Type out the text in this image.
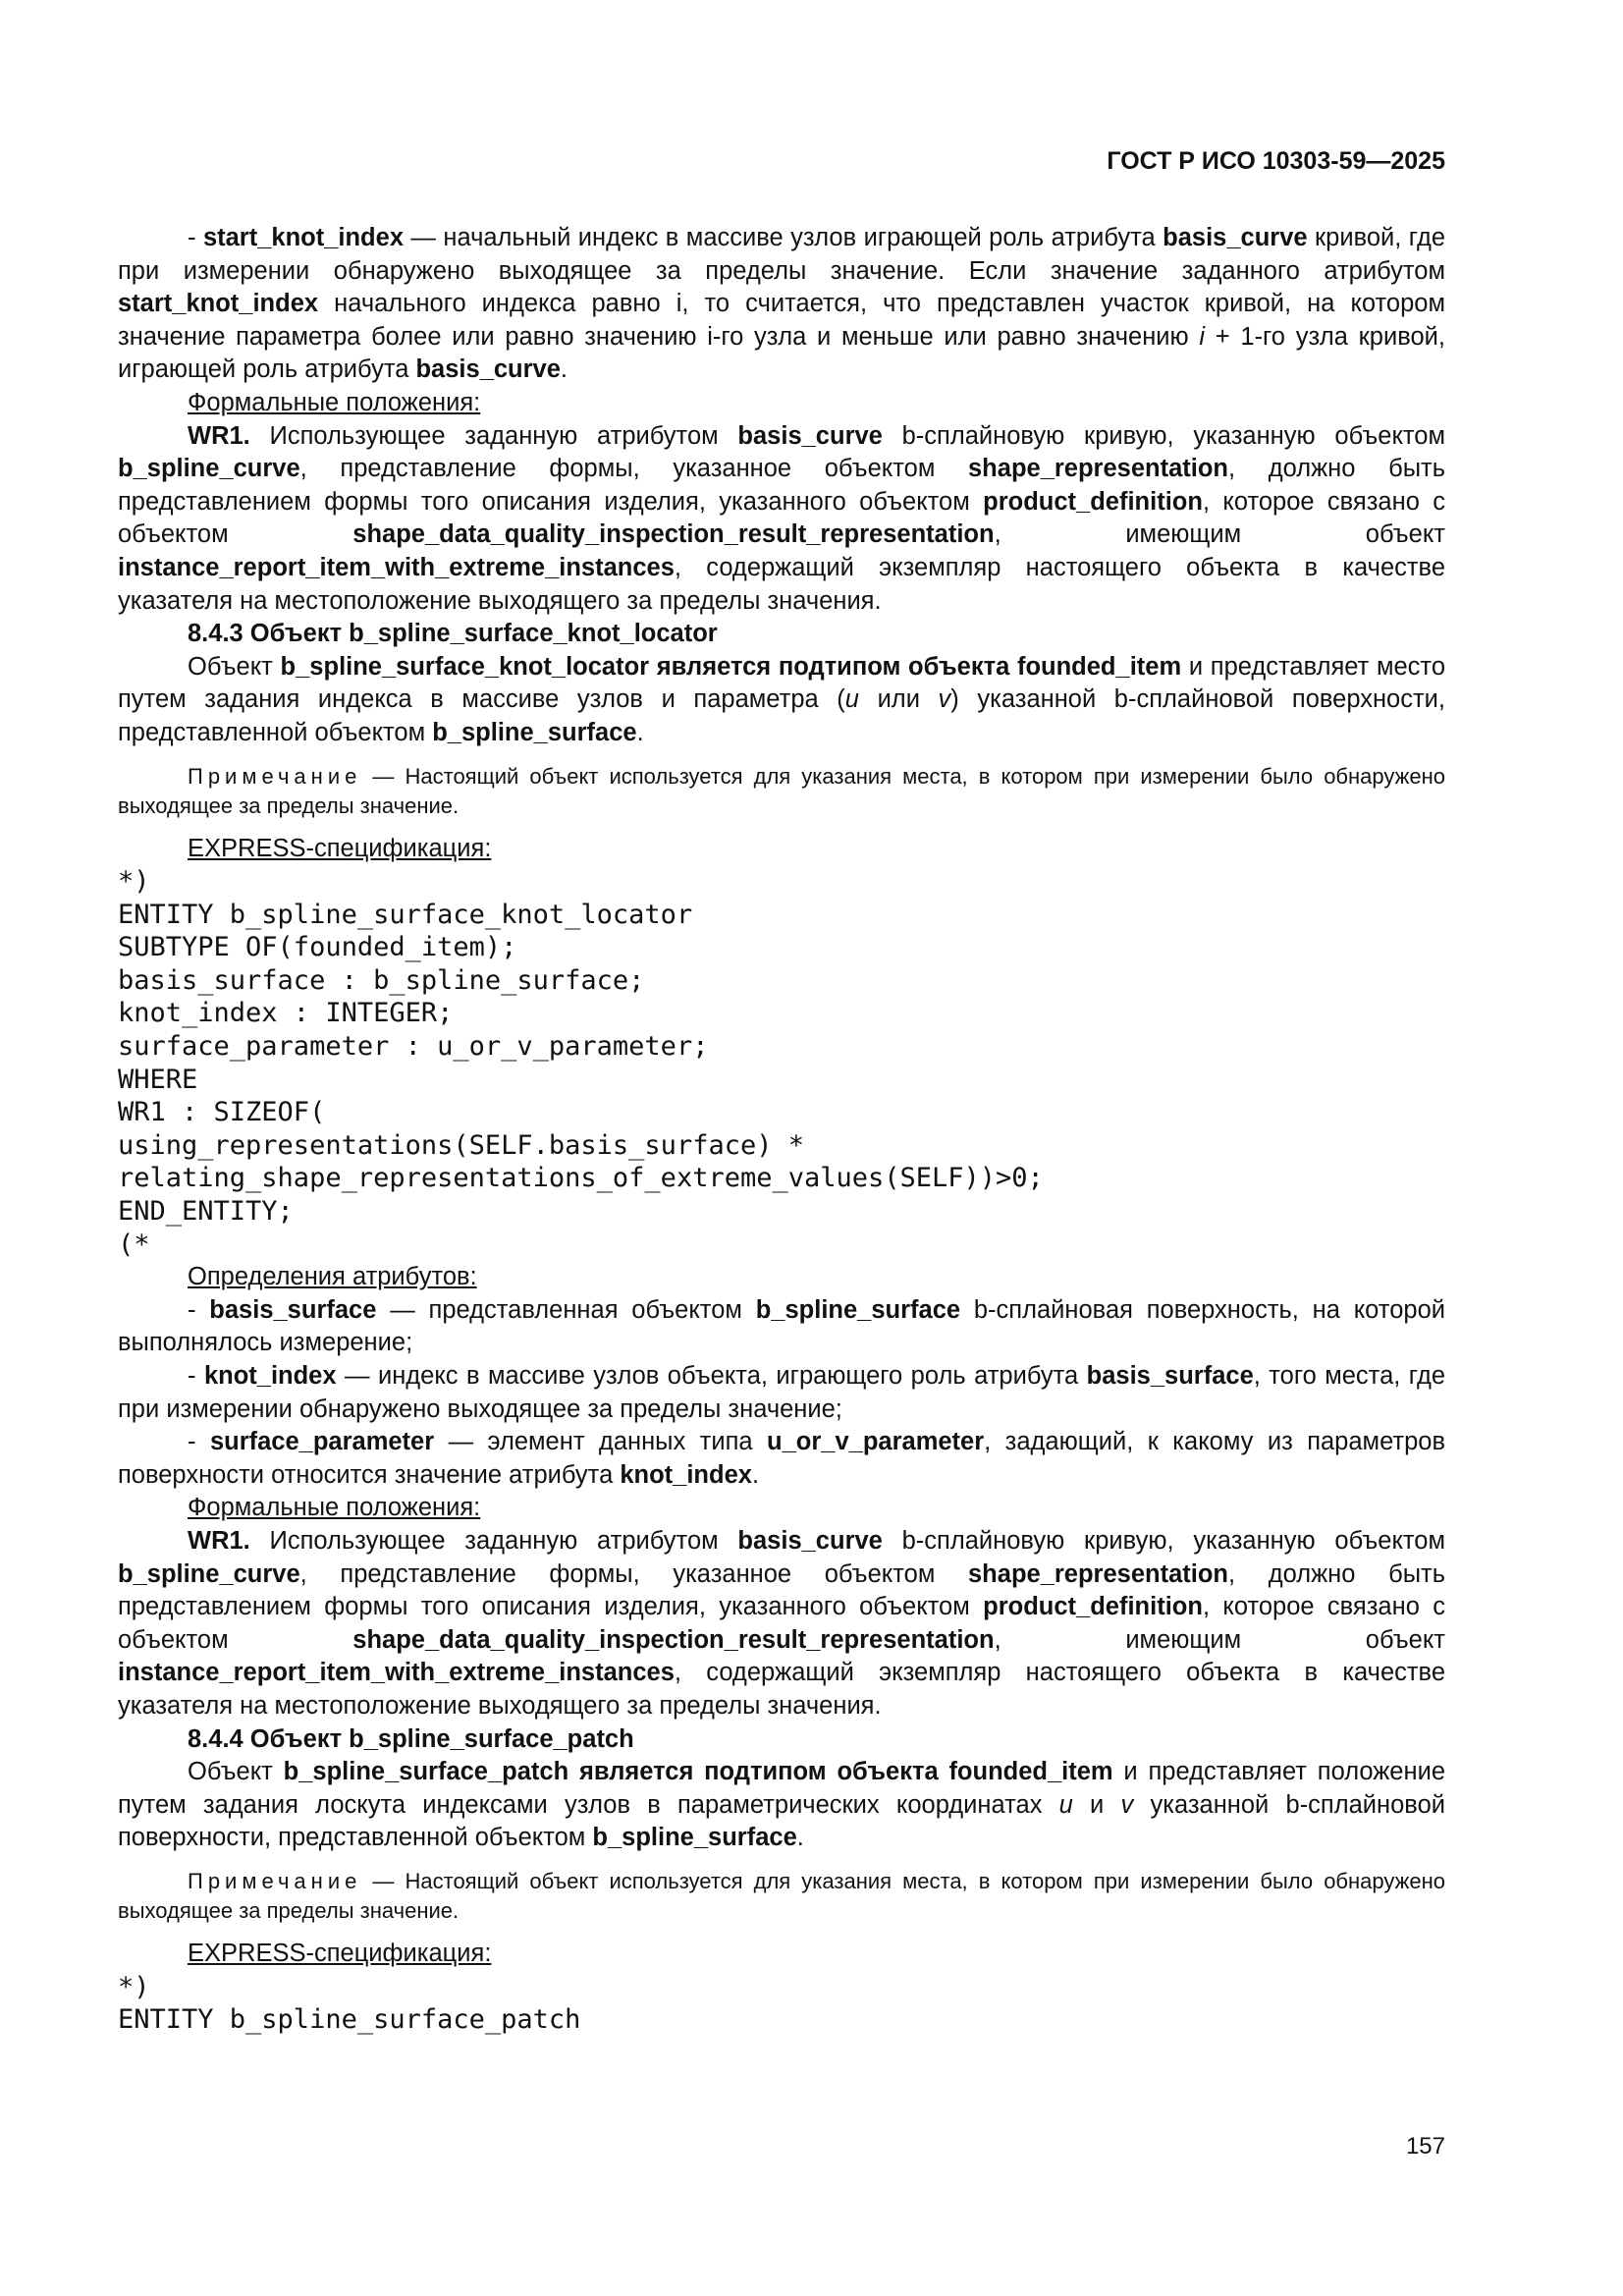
ГОСТ Р ИСО 10303-59—2025

- start_knot_index — начальный индекс в массиве узлов играющей роль атрибута basis_curve кривой, где при измерении обнаружено выходящее за пределы значение. Если значение заданного атрибутом start_knot_index начального индекса равно i, то считается, что представлен участок кривой, на котором значение параметра более или равно значению i-го узла и меньше или равно значению i + 1-го узла кривой, играющей роль атрибута basis_curve.

Формальные положения:

WR1. Использующее заданную атрибутом basis_curve b-сплайновую кривую, указанную объектом b_spline_curve, представление формы, указанное объектом shape_representation, должно быть представлением формы того описания изделия, указанного объектом product_definition, которое связано с объектом shape_data_quality_inspection_result_representation, имеющим объект instance_report_item_with_extreme_instances, содержащий экземпляр настоящего объекта в качестве указателя на местоположение выходящего за пределы значения.

8.4.3 Объект b_spline_surface_knot_locator

Объект b_spline_surface_knot_locator является подтипом объекта founded_item и представляет место путем задания индекса в массиве узлов и параметра (u или v) указанной b-сплайновой поверхности, представленной объектом b_spline_surface.

Примечание — Настоящий объект используется для указания места, в котором при измерении было обнаружено выходящее за пределы значение.

EXPRESS-спецификация:

*)
ENTITY b_spline_surface_knot_locator
SUBTYPE OF(founded_item);
basis_surface : b_spline_surface;
knot_index : INTEGER;
surface_parameter : u_or_v_parameter;
WHERE
WR1 : SIZEOF(
using_representations(SELF.basis_surface) *
relating_shape_representations_of_extreme_values(SELF))>0;
END_ENTITY;
(*

Определения атрибутов:

- basis_surface — представленная объектом b_spline_surface b-сплайновая поверхность, на которой выполнялось измерение;

- knot_index — индекс в массиве узлов объекта, играющего роль атрибута basis_surface, того места, где при измерении обнаружено выходящее за пределы значение;

- surface_parameter — элемент данных типа u_or_v_parameter, задающий, к какому из параметров поверхности относится значение атрибута knot_index.

Формальные положения:

WR1. Использующее заданную атрибутом basis_curve b-сплайновую кривую, указанную объектом b_spline_curve, представление формы, указанное объектом shape_representation, должно быть представлением формы того описания изделия, указанного объектом product_definition, которое связано с объектом shape_data_quality_inspection_result_representation, имеющим объект instance_report_item_with_extreme_instances, содержащий экземпляр настоящего объекта в качестве указателя на местоположение выходящего за пределы значения.

8.4.4 Объект b_spline_surface_patch

Объект b_spline_surface_patch является подтипом объекта founded_item и представляет положение путем задания лоскута индексами узлов в параметрических координатах u и v указанной b-сплайновой поверхности, представленной объектом b_spline_surface.

Примечание — Настоящий объект используется для указания места, в котором при измерении было обнаружено выходящее за пределы значение.

EXPRESS-спецификация:

*)
ENTITY b_spline_surface_patch
157
